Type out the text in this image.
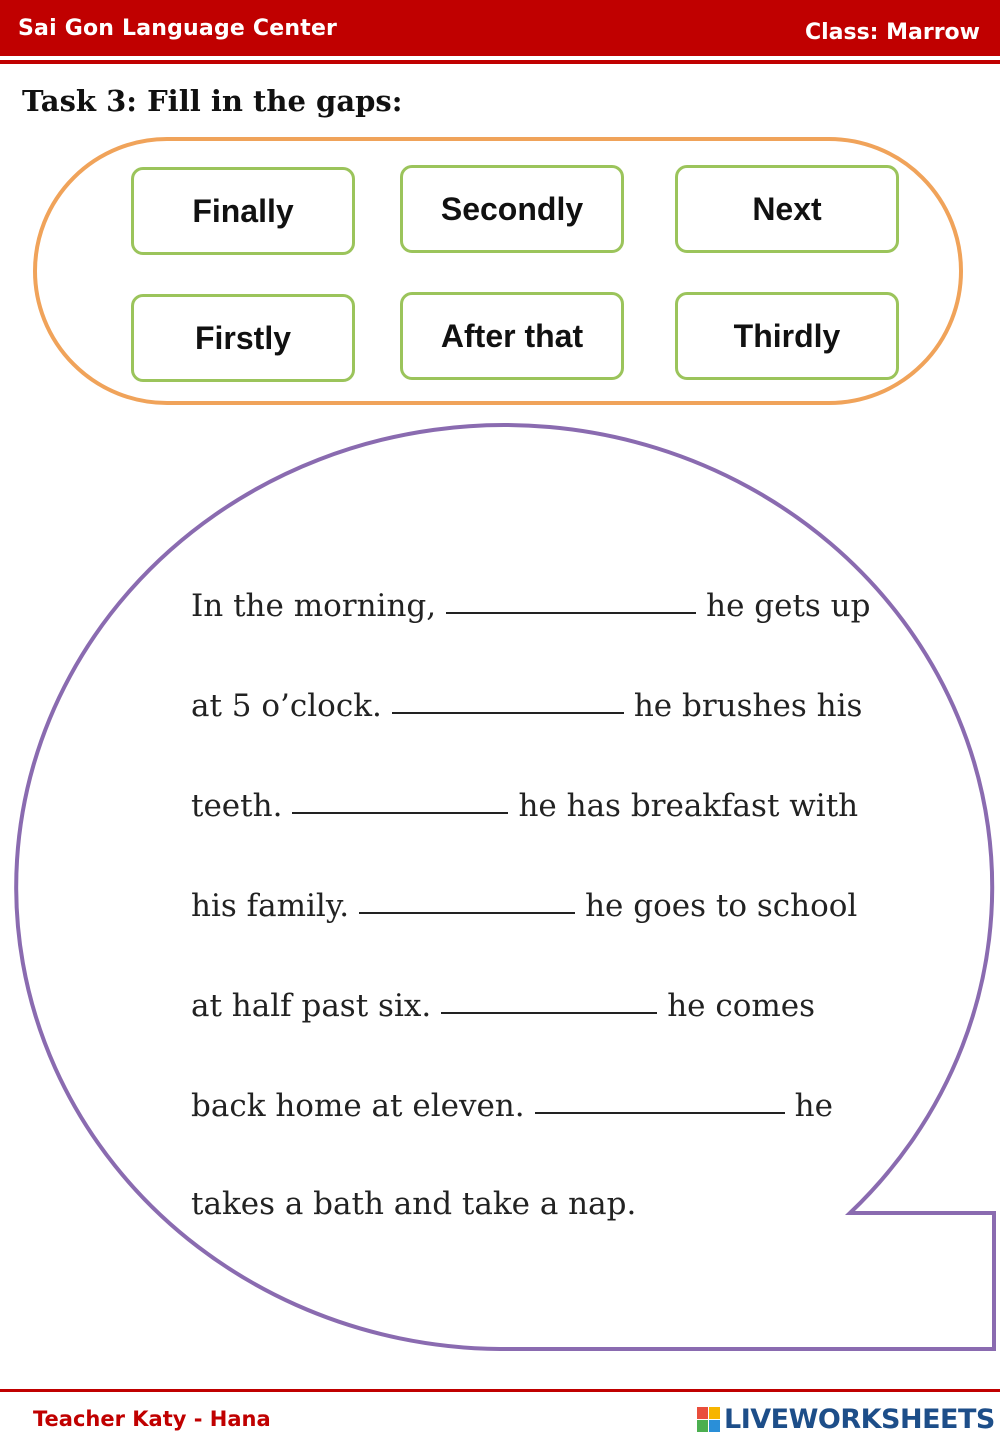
Sai Gon Language Center	Class: Marrow
Task 3: Fill in the gaps:
Finally	Secondly	Next
Firstly	After that	Thirdly
In the morning,	he gets up
at 5 o’clock.	he brushes his
teeth.	he has breakfast with
his family.	he goes to school
at half past six.	he comes
back home at eleven.	he
takes a bath and take a nap.
Teacher Katy - Hana	LIVEWORKSHEETS
